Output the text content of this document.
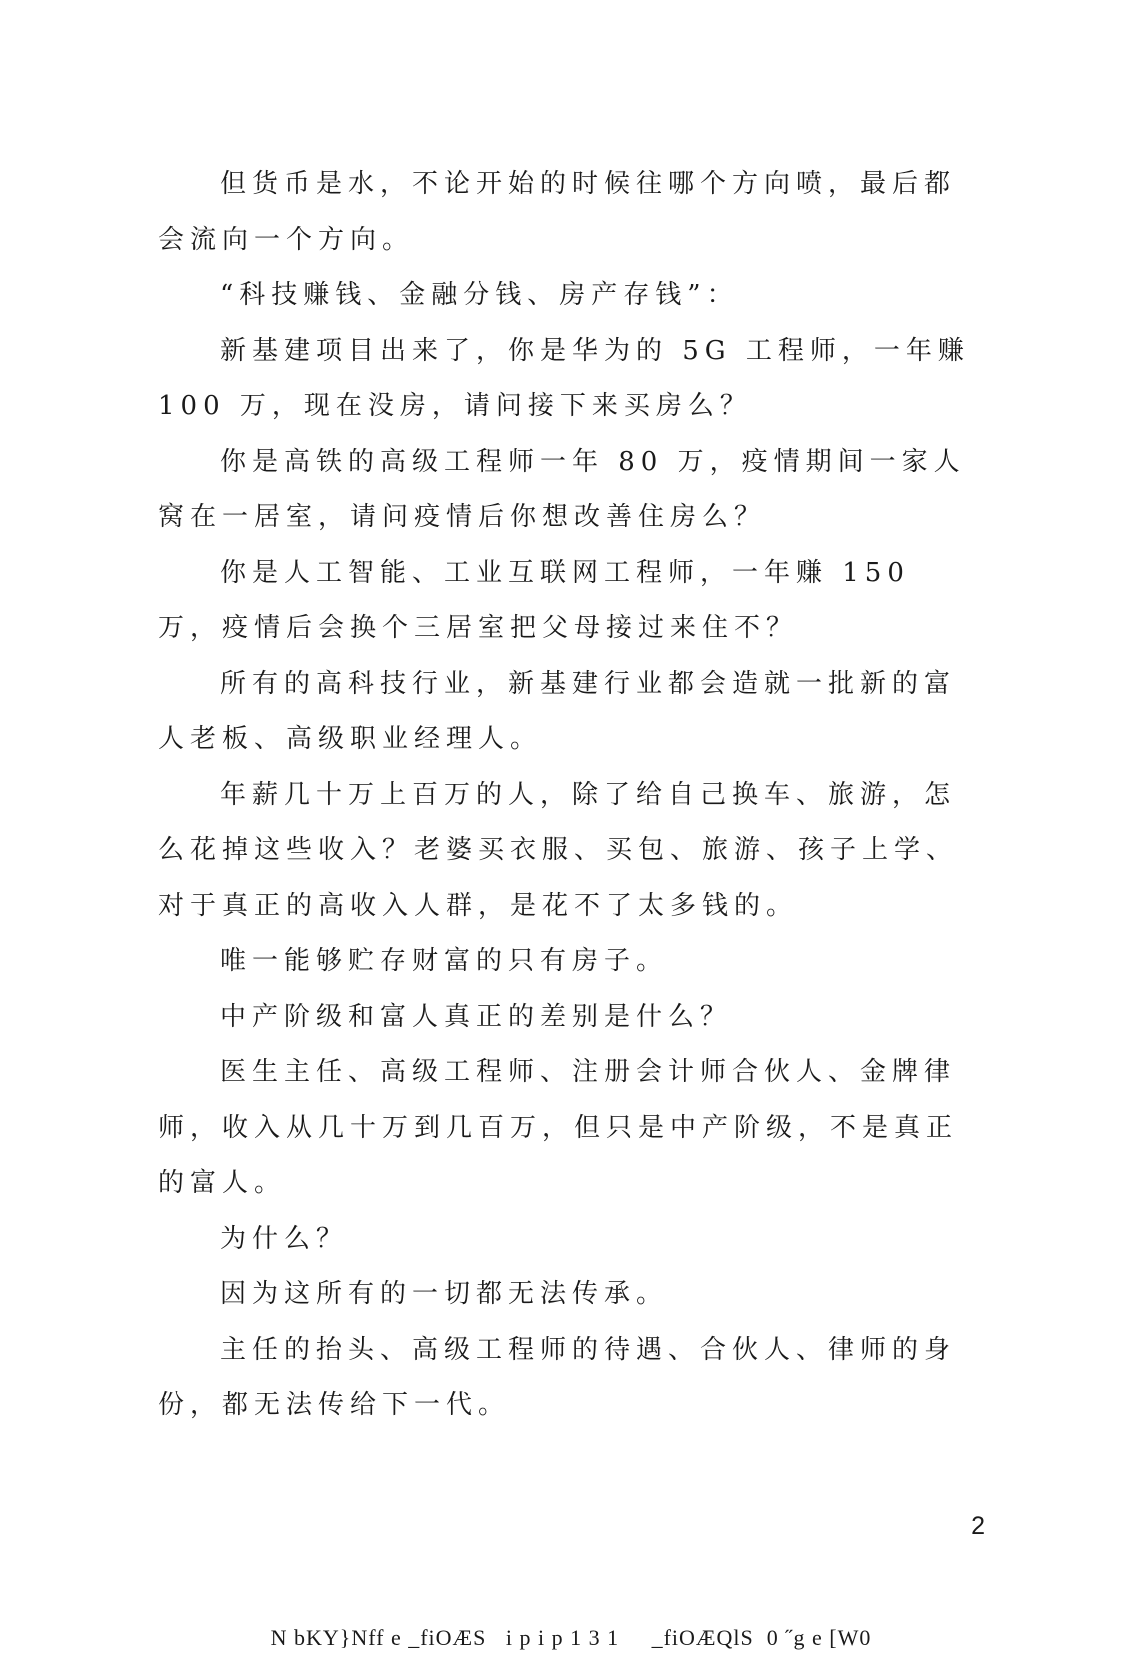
但货币是水，不论开始的时候往哪个方向喷，最后都会流向一个方向。

“科技赚钱、金融分钱、房产存钱”：

新基建项目出来了，你是华为的 5G 工程师，一年赚 100 万，现在没房，请问接下来买房么？

你是高铁的高级工程师一年 80 万，疫情期间一家人窝在一居室，请问疫情后你想改善住房么？

你是人工智能、工业互联网工程师，一年赚 150 万，疫情后会换个三居室把父母接过来住不？

所有的高科技行业，新基建行业都会造就一批新的富人老板、高级职业经理人。

年薪几十万上百万的人，除了给自己换车、旅游，怎么花掉这些收入？老婆买衣服、买包、旅游、孩子上学、对于真正的高收入人群，是花不了太多钱的。

唯一能够贮存财富的只有房子。

中产阶级和富人真正的差别是什么？

医生主任、高级工程师、注册会计师合伙人、金牌律师，收入从几十万到几百万，但只是中产阶级，不是真正的富人。

为什么？

因为这所有的一切都无法传承。

主任的抬头、高级工程师的待遇、合伙人、律师的身份，都无法传给下一代。

2
N bKY}Nff e _fiOÆS   i p i p 1 3 1     _fiOÆQlS  0 ˝g e [W0
